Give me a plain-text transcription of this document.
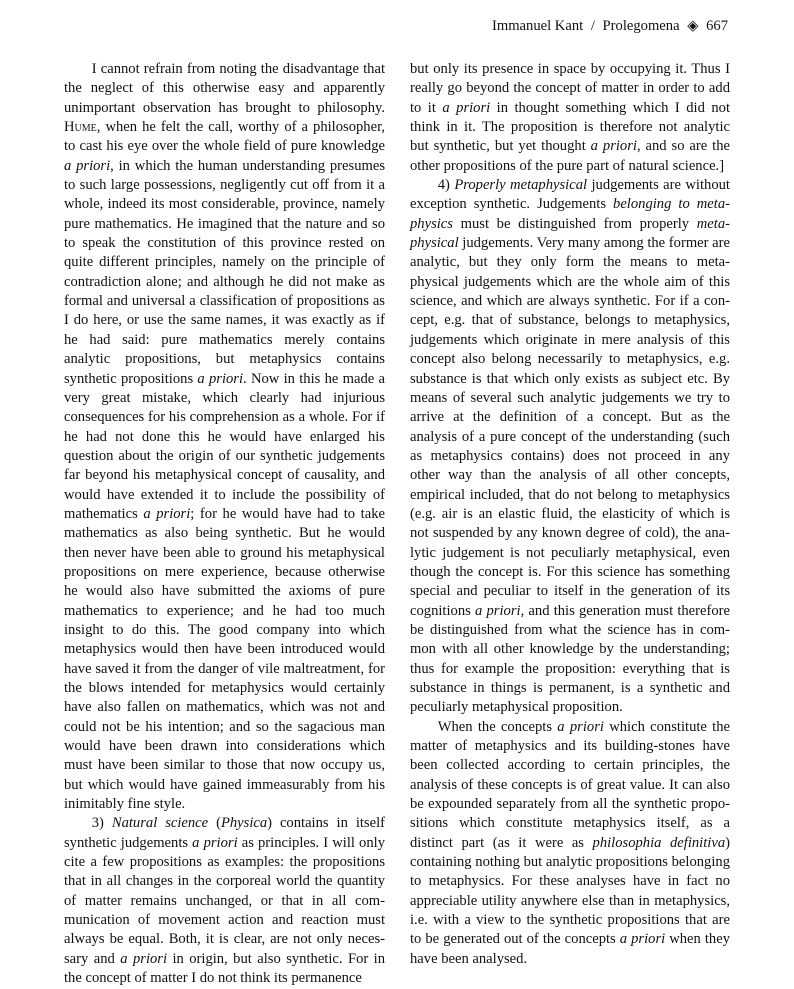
Immanuel Kant / Prolegomena ◈ 667

I cannot refrain from noting the disadvantage that the neglect of this otherwise easy and apparently unimportant observation has brought to philosophy. Hume, when he felt the call, worthy of a philosopher, to cast his eye over the whole field of pure knowledge a priori, in which the human understanding presumes to such large possessions, negligently cut off from it a whole, indeed its most considerable, province, namely pure mathematics. He imagined that the nature and so to speak the constitution of this province rested on quite different principles, namely on the principle of contradiction alone; and although he did not make as formal and universal a classification of propositions as I do here, or use the same names, it was exactly as if he had said: pure mathematics merely contains analytic propositions, but metaphysics contains synthetic propositions a priori. Now in this he made a very great mistake, which clearly had injurious consequences for his comprehension as a whole. For if he had not done this he would have enlarged his question about the origin of our synthetic judgements far beyond his metaphysical concept of causality, and would have extended it to include the possibility of mathematics a priori; for he would have had to take mathematics as also being synthetic. But he would then never have been able to ground his metaphysical propositions on mere experience, because otherwise he would also have submitted the axioms of pure mathematics to experience; and he had too much insight to do this. The good company into which metaphysics would then have been introduced would have saved it from the danger of vile maltreatment, for the blows intended for metaphysics would certainly have also fallen on mathematics, which was not and could not be his intention; and so the sagacious man would have been drawn into considerations which must have been similar to those that now occupy us, but which would have gained immeasurably from his inimitably fine style.

3) Natural science (Physica) contains in itself synthetic judgements a priori as principles. I will only cite a few propositions as examples: the propositions that in all changes in the corporeal world the quantity of matter remains unchanged, or that in all communication of movement action and reaction must always be equal. Both, it is clear, are not only necessary and a priori in origin, but also synthetic. For in the concept of matter I do not think its permanence

but only its presence in space by occupying it. Thus I really go beyond the concept of matter in order to add to it a priori in thought something which I did not think in it. The proposition is therefore not analytic but synthetic, but yet thought a priori, and so are the other propositions of the pure part of natural science.]

4) Properly metaphysical judgements are without exception synthetic. Judgements belonging to metaphysics must be distinguished from properly metaphysical judgements. Very many among the former are analytic, but they only form the means to metaphysical judgements which are the whole aim of this science, and which are always synthetic. For if a concept, e.g. that of substance, belongs to metaphysics, judgements which originate in mere analysis of this concept also belong necessarily to metaphysics, e.g. substance is that which only exists as subject etc. By means of several such analytic judgements we try to arrive at the definition of a concept. But as the analysis of a pure concept of the understanding (such as metaphysics contains) does not proceed in any other way than the analysis of all other concepts, empirical included, that do not belong to metaphysics (e.g. air is an elastic fluid, the elasticity of which is not suspended by any known degree of cold), the analytic judgement is not peculiarly metaphysical, even though the concept is. For this science has something special and peculiar to itself in the generation of its cognitions a priori, and this generation must therefore be distinguished from what the science has in common with all other knowledge by the understanding; thus for example the proposition: everything that is substance in things is permanent, is a synthetic and peculiarly metaphysical proposition.

When the concepts a priori which constitute the matter of metaphysics and its building-stones have been collected according to certain principles, the analysis of these concepts is of great value. It can also be expounded separately from all the synthetic propositions which constitute metaphysics itself, as a distinct part (as it were as philosophia definitiva) containing nothing but analytic propositions belonging to metaphysics. For these analyses have in fact no appreciable utility anywhere else than in metaphysics, i.e. with a view to the synthetic propositions that are to be generated out of the concepts a priori when they have been analysed.
